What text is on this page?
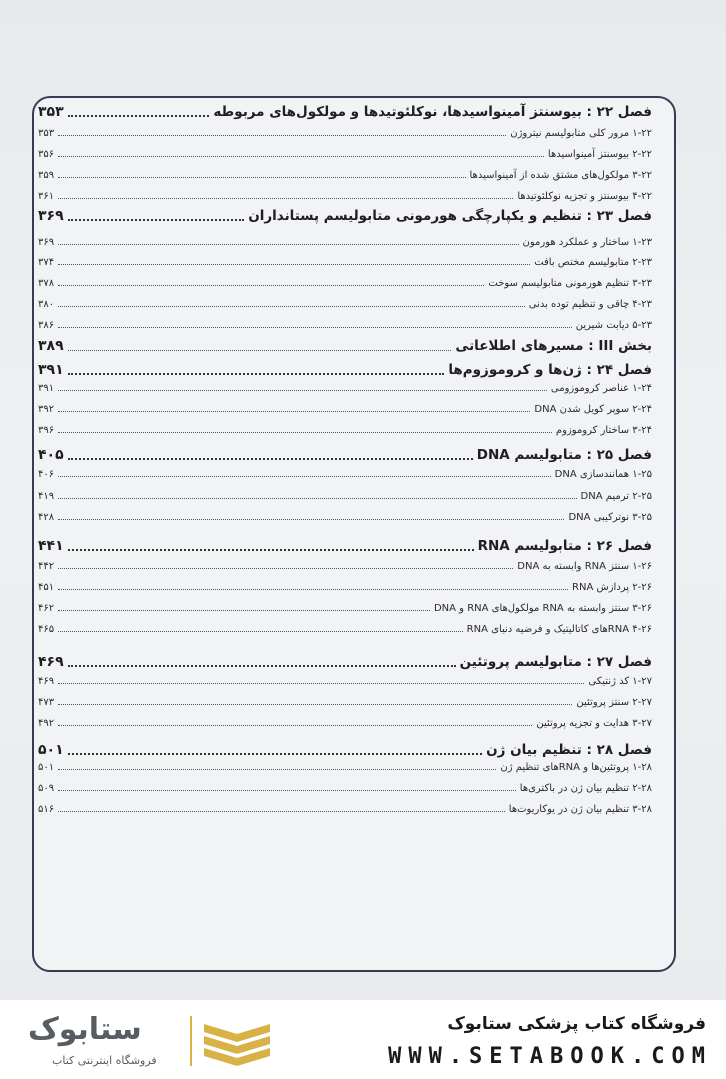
فصل ۲۲ : بیوسنتز آمینواسیدها، نوکلئوتیدها و مولکول‌های مربوطه
۳۵۳
۱-۲۲ مرور کلی متابولیسم نیتروژن
۳۵۳
۲-۲۲ بیوسنتز آمینواسیدها
۳۵۶
۳-۲۲ مولکول‌های مشتق شده از آمینواسیدها
۳۵۹
۴-۲۲ بیوسنتز و تجزیه نوکلئوتیدها
۳۶۱
فصل ۲۳ : تنظیم و یکپارچگی هورمونی متابولیسم پستانداران
۳۶۹
۱-۲۳ ساختار و عملکرد هورمون
۳۶۹
۲-۲۳ متابولیسم مختص بافت
۳۷۴
۳-۲۳ تنظیم هورمونی متابولیسم سوخت
۳۷۸
۴-۲۳ چاقی و تنظیم توده بدنی
۳۸۰
۵-۲۳ دیابت شیرین
۳۸۶
بخش III : مسیرهای اطلاعاتی
۳۸۹
فصل ۲۴ : ژن‌ها و کروموزوم‌ها
۳۹۱
۱-۲۴ عناصر کروموزومی
۳۹۱
۲-۲۴ سوپر کویل شدن DNA
۳۹۲
۳-۲۴ ساختار کروموزوم
۳۹۶
فصل ۲۵ : متابولیسم DNA
۴۰۵
۱-۲۵ همانندسازی DNA
۴۰۶
۲-۲۵ ترمیم DNA
۴۱۹
۳-۲۵ نوترکیبی DNA
۴۲۸
فصل ۲۶ : متابولیسم RNA
۴۴۱
۱-۲۶ سنتز RNA وابسته به DNA
۴۴۲
۲-۲۶ پردازش RNA
۴۵۱
۳-۲۶ سنتز وابسته به RNA مولکول‌های RNA و DNA
۴۶۲
۴-۲۶ RNAهای کاتالیتیک و فرضیه دنیای RNA
۴۶۵
فصل ۲۷ : متابولیسم پروتئین
۴۶۹
۱-۲۷ کد ژنتیکی
۴۶۹
۲-۲۷ سنتز پروتئین
۴۷۳
۳-۲۷ هدایت و تجزیه پروتئین
۴۹۲
فصل ۲۸ : تنظیم بیان ژن
۵۰۱
۱-۲۸ پروتئین‌ها و RNAهای تنظیم ژن
۵۰۱
۲-۲۸ تنظیم بیان ژن در باکتری‌ها
۵۰۹
۳-۲۸ تنظیم بیان ژن در یوکاریوت‌ها
۵۱۶
فروشگاه کتاب پزشکی ستابوک
WWW.SETABOOK.COM
ستابوک
فروشگاه اینترنتی کتاب
